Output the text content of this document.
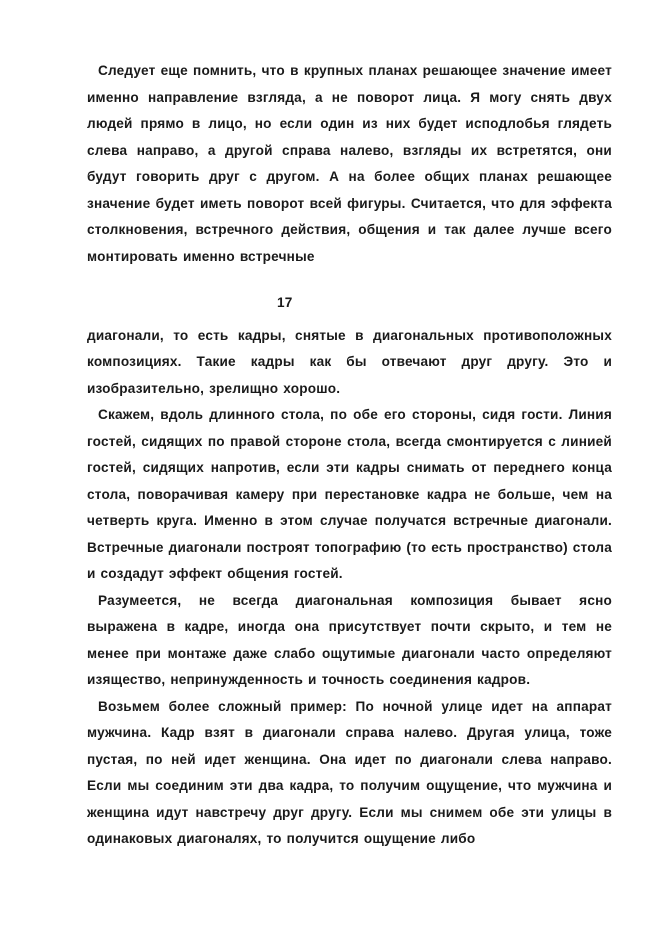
Следует еще помнить, что в крупных планах решающее значение имеет именно направление взгляда, а не поворот лица. Я могу снять двух людей прямо в лицо, но если один из них будет исподлобья глядеть слева направо, а другой справа налево, взгляды их встретятся, они будут говорить друг с другом. А на более общих планах решающее значение будет иметь поворот всей фигуры. Считается, что для эффекта столкновения, встречного действия, общения и так далее лучше всего монтировать именно встречные

17

диагонали, то есть кадры, снятые в диагональных противоположных композициях. Такие кадры как бы отвечают друг другу. Это и изобразительно, зрелищно хорошо.

Скажем, вдоль длинного стола, по обе его стороны, сидя гости. Линия гостей, сидящих по правой стороне стола, всегда смонтируется с линией гостей, сидящих напротив, если эти кадры снимать от переднего конца стола, поворачивая камеру при перестановке кадра не больше, чем на четверть круга. Именно в этом случае получатся встречные диагонали. Встречные диагонали построят топографию (то есть пространство) стола и создадут эффект общения гостей.

Разумеется, не всегда диагональная композиция бывает ясно выражена в кадре, иногда она присутствует почти скрыто, и тем не менее при монтаже даже слабо ощутимые диагонали часто определяют изящество, непринужденность и точность соединения кадров.

Возьмем более сложный пример: По ночной улице идет на аппарат мужчина. Кадр взят в диагонали справа налево. Другая улица, тоже пустая, по ней идет женщина. Она идет по диагонали слева направо. Если мы соединим эти два кадра, то получим ощущение, что мужчина и женщина идут навстречу друг другу. Если мы снимем обе эти улицы в одинаковых диагоналях, то получится ощущение либо
